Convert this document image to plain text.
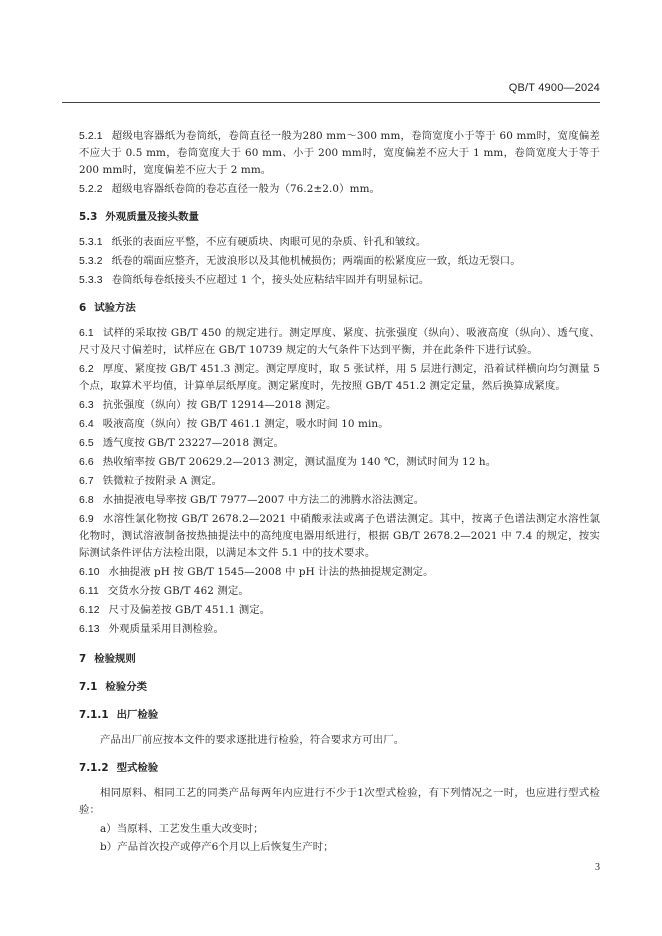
QB/T 4900—2024

5.2.1 超级电容器纸为卷筒纸，卷筒直径一般为280 mm～300 mm，卷筒宽度小于等于 60 mm时，宽度偏差不应大于 0.5 mm，卷筒宽度大于 60 mm、小于 200 mm时，宽度偏差不应大于 1 mm，卷筒宽度大于等于 200 mm时，宽度偏差不应大于 2 mm。

5.2.2 超级电容器纸卷筒的卷芯直径一般为（76.2±2.0）mm。

5.3 外观质量及接头数量

5.3.1 纸张的表面应平整，不应有硬质块、肉眼可见的杂质、针孔和皱纹。

5.3.2 纸卷的端面应整齐，无波浪形以及其他机械损伤；两端面的松紧度应一致，纸边无裂口。

5.3.3 卷筒纸每卷纸接头不应超过 1 个，接头处应粘结牢固并有明显标记。

6 试验方法

6.1 试样的采取按 GB/T 450 的规定进行。测定厚度、紧度、抗张强度（纵向）、吸液高度（纵向）、透气度、尺寸及尺寸偏差时，试样应在 GB/T 10739 规定的大气条件下达到平衡，并在此条件下进行试验。

6.2 厚度、紧度按 GB/T 451.3 测定。测定厚度时，取 5 张试样，用 5 层进行测定，沿着试样横向均匀测量 5 个点，取算术平均值，计算单层纸厚度。测定紧度时，先按照 GB/T 451.2 测定定量，然后换算成紧度。

6.3 抗张强度（纵向）按 GB/T 12914—2018 测定。

6.4 吸液高度（纵向）按 GB/T 461.1 测定，吸水时间 10 min。

6.5 透气度按 GB/T 23227—2018 测定。

6.6 热收缩率按 GB/T 20629.2—2013 测定，测试温度为 140 ℃，测试时间为 12 h。

6.7 铁微粒子按附录 A 测定。

6.8 水抽提液电导率按 GB/T 7977—2007 中方法二的沸腾水浴法测定。

6.9 水溶性氯化物按 GB/T 2678.2—2021 中硝酸汞法或离子色谱法测定。其中，按离子色谱法测定水溶性氯化物时，测试溶液制备按热抽提法中的高纯度电器用纸进行，根据 GB/T 2678.2—2021 中 7.4 的规定，按实际测试条件评估方法检出限，以满足本文件 5.1 中的技术要求。

6.10 水抽提液 pH 按 GB/T 1545—2008 中 pH 计法的热抽提规定测定。

6.11 交货水分按 GB/T 462 测定。

6.12 尺寸及偏差按 GB/T 451.1 测定。

6.13 外观质量采用目测检验。

7 检验规则
7.1 检验分类
7.1.1 出厂检验

产品出厂前应按本文件的要求逐批进行检验，符合要求方可出厂。

7.1.2 型式检验

相同原料、相同工艺的同类产品每两年内应进行不少于1次型式检验，有下列情况之一时，也应进行型式检验：

a）当原料、工艺发生重大改变时；

b）产品首次投产或停产6个月以上后恢复生产时；

3
